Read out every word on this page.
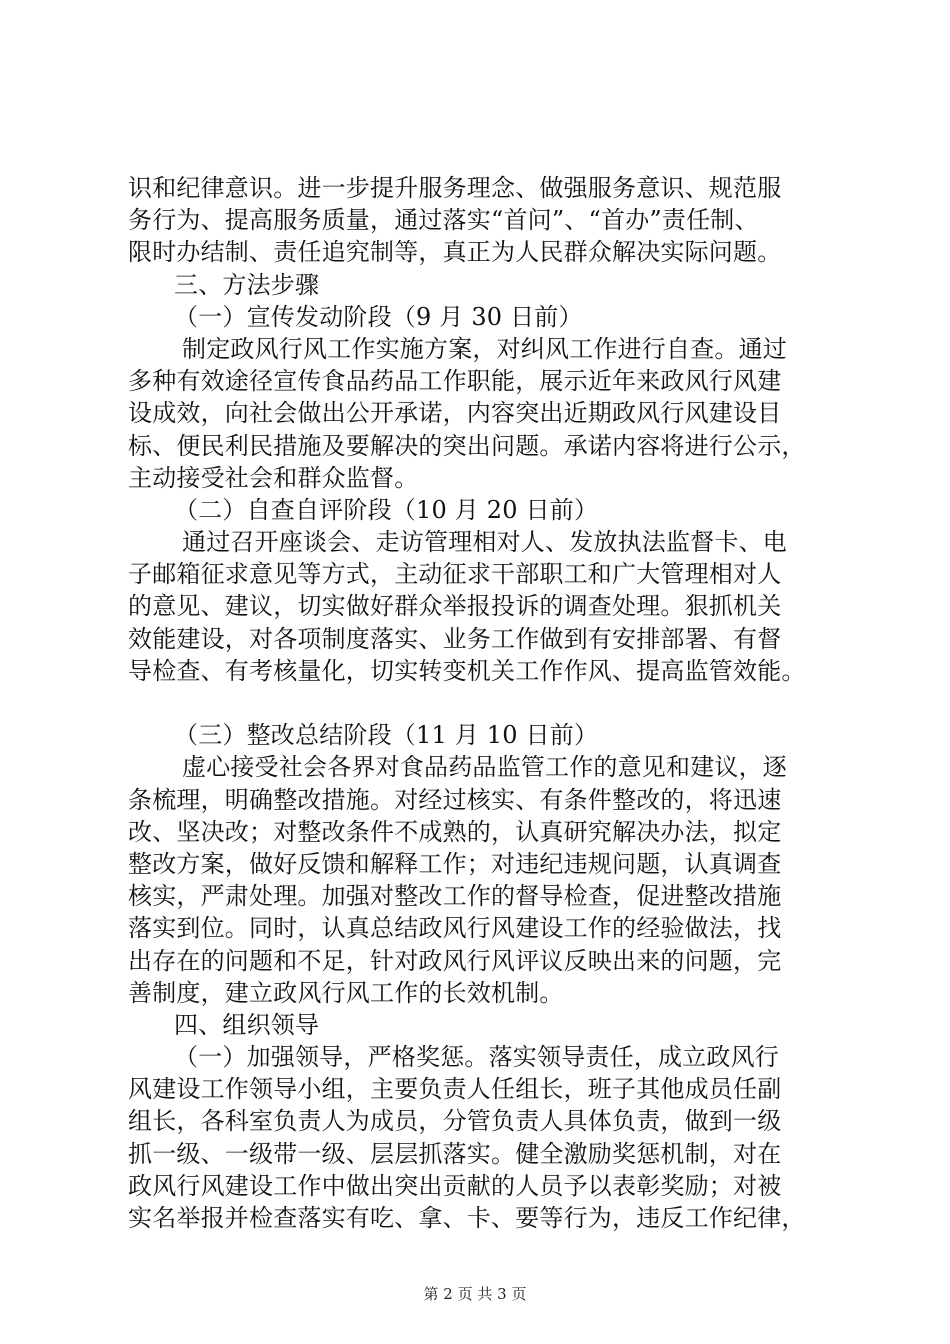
识和纪律意识。进一步提升服务理念、做强服务意识、规范服
务行为、提高服务质量，通过落实“首问”、“首办”责任制、
限时办结制、责任追究制等，真正为人民群众解决实际问题。
三、方法步骤
（一）宣传发动阶段（9 月 30 日前）
制定政风行风工作实施方案，对纠风工作进行自查。通过
多种有效途径宣传食品药品工作职能，展示近年来政风行风建
设成效，向社会做出公开承诺，内容突出近期政风行风建设目
标、便民利民措施及要解决的突出问题。承诺内容将进行公示，
主动接受社会和群众监督。
（二）自查自评阶段（10 月 20 日前）
通过召开座谈会、走访管理相对人、发放执法监督卡、电
子邮箱征求意见等方式，主动征求干部职工和广大管理相对人
的意见、建议，切实做好群众举报投诉的调查处理。狠抓机关
效能建设，对各项制度落实、业务工作做到有安排部署、有督
导检查、有考核量化，切实转变机关工作作风、提高监管效能。
（三）整改总结阶段（11 月 10 日前）
虚心接受社会各界对食品药品监管工作的意见和建议，逐
条梳理，明确整改措施。对经过核实、有条件整改的，将迅速
改、坚决改；对整改条件不成熟的，认真研究解决办法，拟定
整改方案，做好反馈和解释工作；对违纪违规问题，认真调查
核实，严肃处理。加强对整改工作的督导检查，促进整改措施
落实到位。同时，认真总结政风行风建设工作的经验做法，找
出存在的问题和不足，针对政风行风评议反映出来的问题，完
善制度，建立政风行风工作的长效机制。
四、组织领导
（一）加强领导，严格奖惩。落实领导责任，成立政风行
风建设工作领导小组，主要负责人任组长，班子其他成员任副
组长，各科室负责人为成员，分管负责人具体负责，做到一级
抓一级、一级带一级、层层抓落实。健全激励奖惩机制，对在
政风行风建设工作中做出突出贡献的人员予以表彰奖励；对被
实名举报并检查落实有吃、拿、卡、要等行为，违反工作纪律，
第 2 页 共 3 页
